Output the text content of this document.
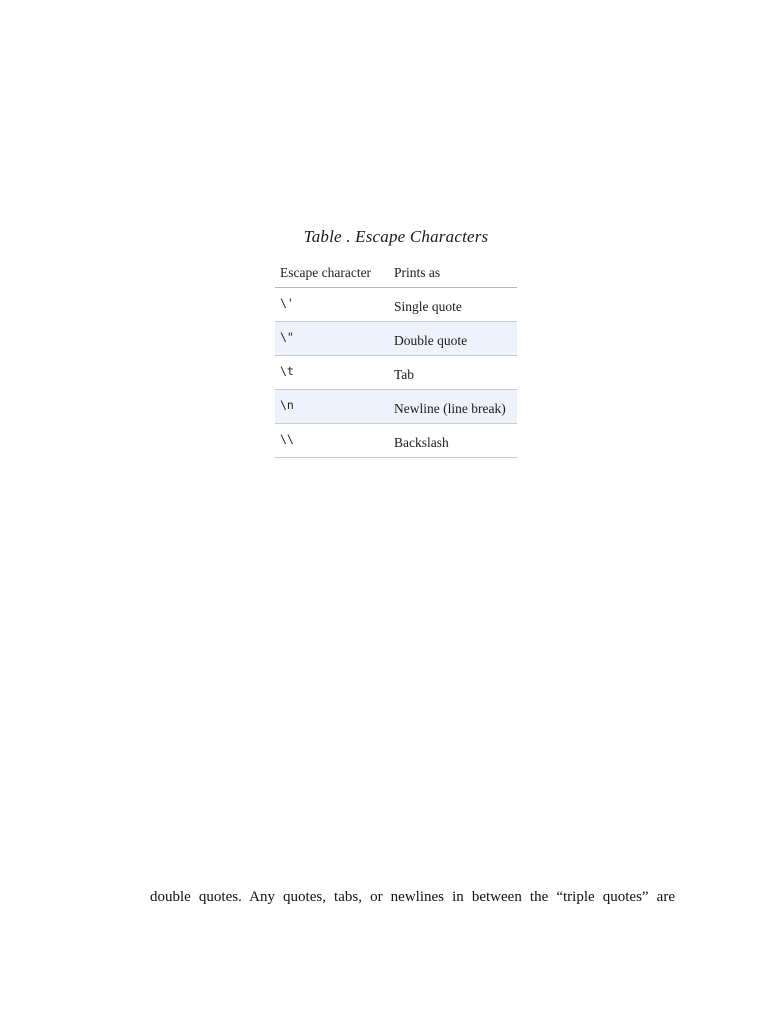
Table . Escape Characters
Escape character	Prints as
\'	Single quote
\"	Double quote
\t	Tab
\n	Newline (line break)
\\	Backslash
double quotes. Any quotes, tabs, or newlines in between the “triple quotes” are
